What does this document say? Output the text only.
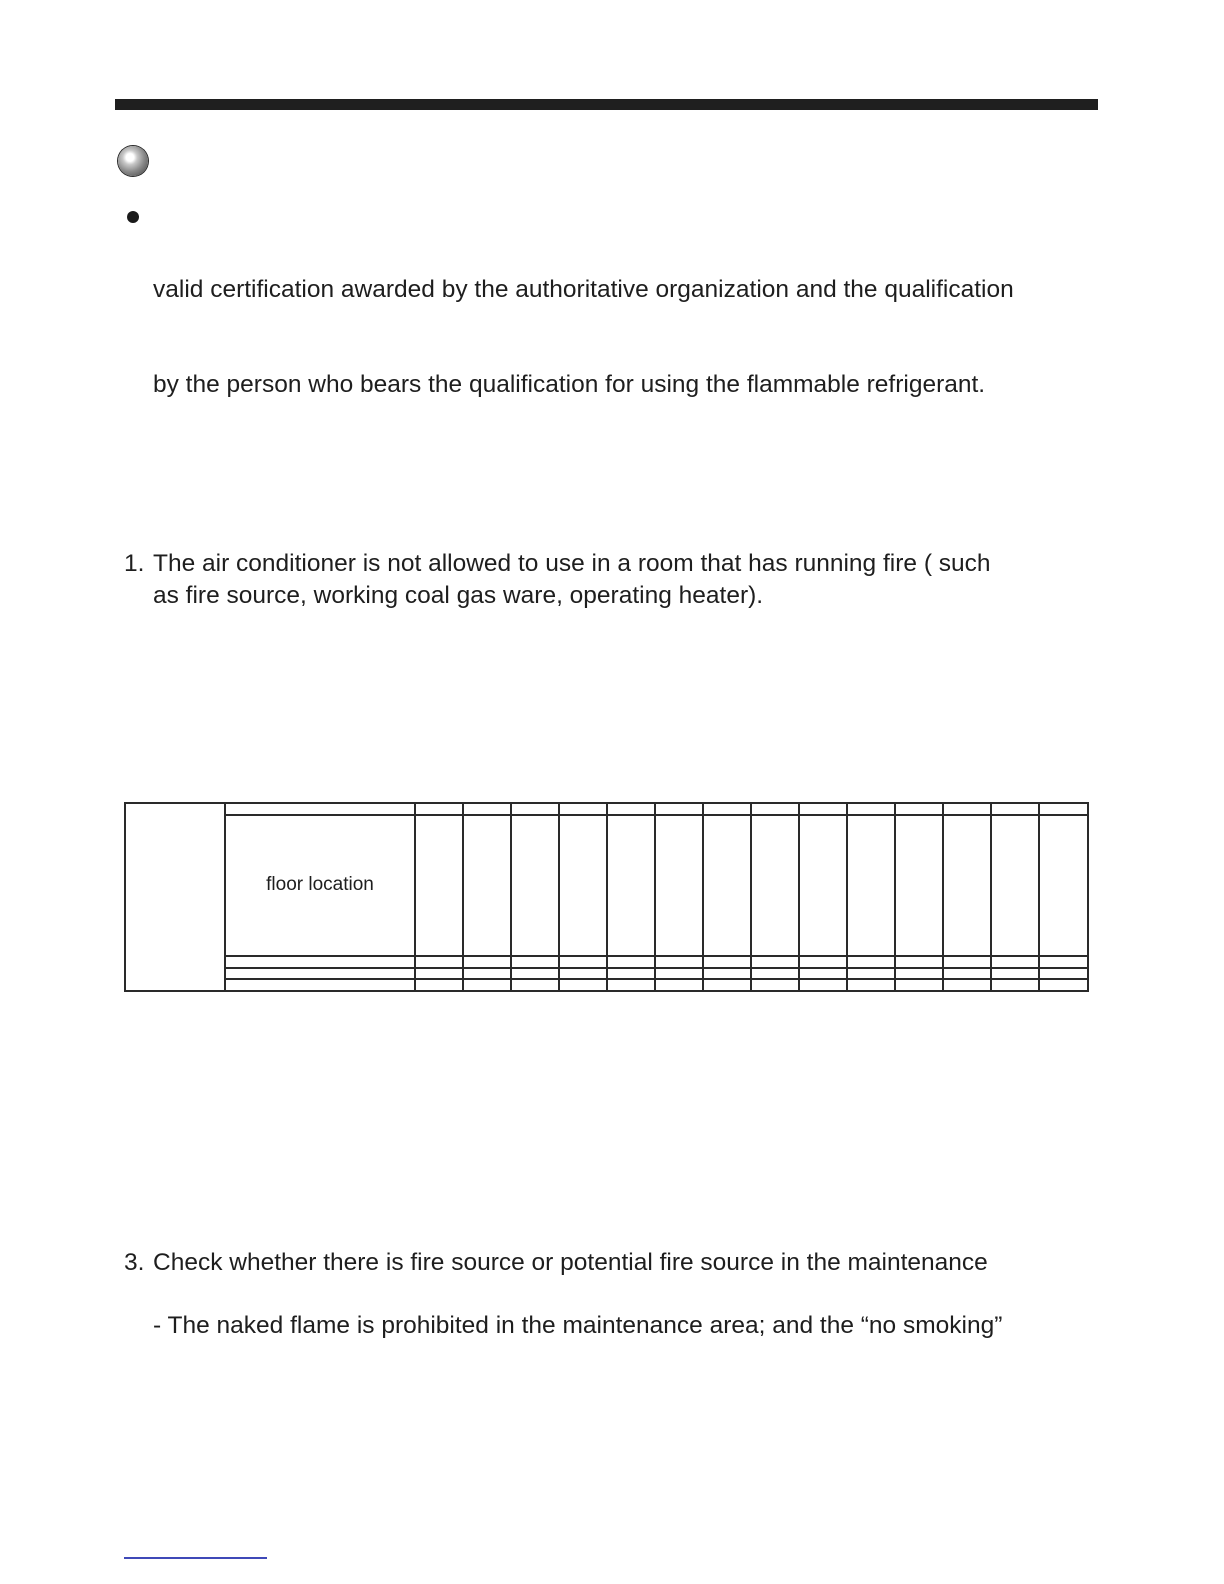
valid certification awarded by the authoritative organization and the qualification

by the person who bears the qualification for using the flammable refrigerant.

1. The air conditioner is not allowed to use in a room that has running fire ( such

as fire source, working coal gas ware, operating heater).

	floor location														

3. Check whether there is fire source or potential fire source in the maintenance

- The naked flame is prohibited in the maintenance area; and the “no smoking”
